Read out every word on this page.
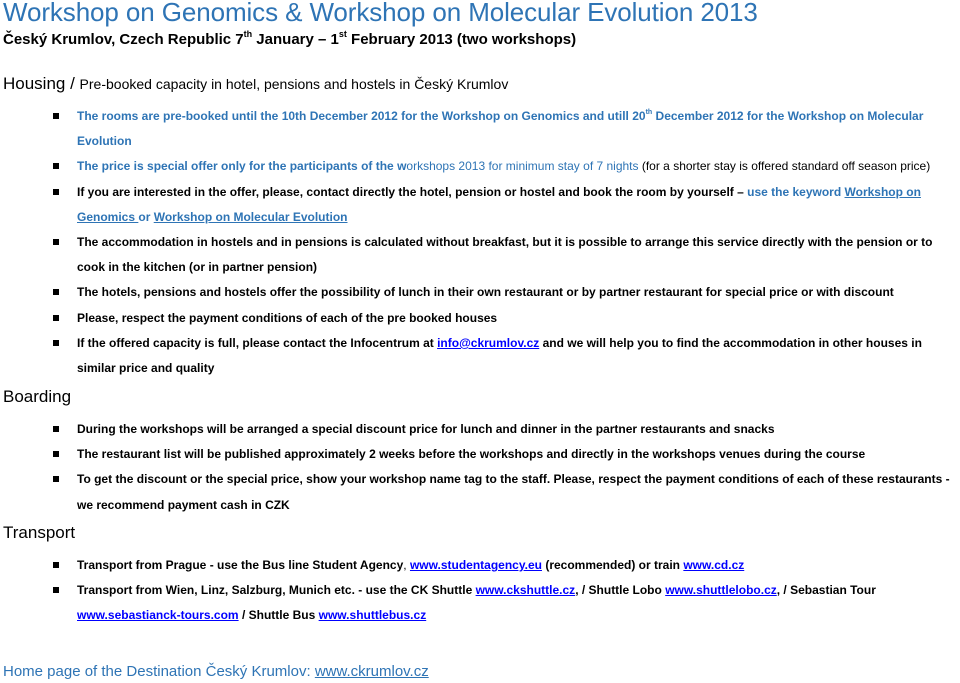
Workshop on Genomics & Workshop on Molecular Evolution 2013

Český Krumlov, Czech Republic 7th January – 1st February 2013 (two workshops)

Housing / Pre-booked capacity in hotel, pensions and hostels in Český Krumlov
The rooms are pre-booked until the 10th December 2012 for the Workshop on Genomics and utill 20th December 2012 for the Workshop on Molecular Evolution
The price is special offer only for the participants of the workshops 2013 for minimum stay of 7 nights (for a shorter stay is offered standard off season price)
If you are interested in the offer, please, contact directly the hotel, pension or hostel and book the room by yourself – use the keyword Workshop on Genomics or Workshop on Molecular Evolution
The accommodation in hostels and in pensions is calculated without breakfast, but it is possible to arrange this service directly with the pension or to cook in the kitchen (or in partner pension)
The hotels, pensions and hostels offer the possibility of lunch in their own restaurant or by partner restaurant for special price or with discount
Please, respect the payment conditions of each of the pre booked houses
If the offered capacity is full, please contact the Infocentrum at info@ckrumlov.cz and we will help you to find the accommodation in other houses in similar price and quality
Boarding
During the workshops will be arranged a special discount price for lunch and dinner in the partner restaurants and snacks
The restaurant list will be published approximately 2 weeks before the workshops and directly in the workshops venues during the course
To get the discount or the special price, show your workshop name tag to the staff. Please, respect the payment conditions of each of these restaurants - we recommend payment cash in CZK
Transport
Transport from Prague - use the Bus line Student Agency, www.studentagency.eu (recommended) or train www.cd.cz
Transport from Wien, Linz, Salzburg, Munich etc. - use the CK Shuttle www.ckshuttle.cz, / Shuttle Lobo www.shuttlelobo.cz, / Sebastian Tour www.sebastianck-tours.com / Shuttle Bus www.shuttlebus.cz

Home page of the Destination Český Krumlov: www.ckrumlov.cz
